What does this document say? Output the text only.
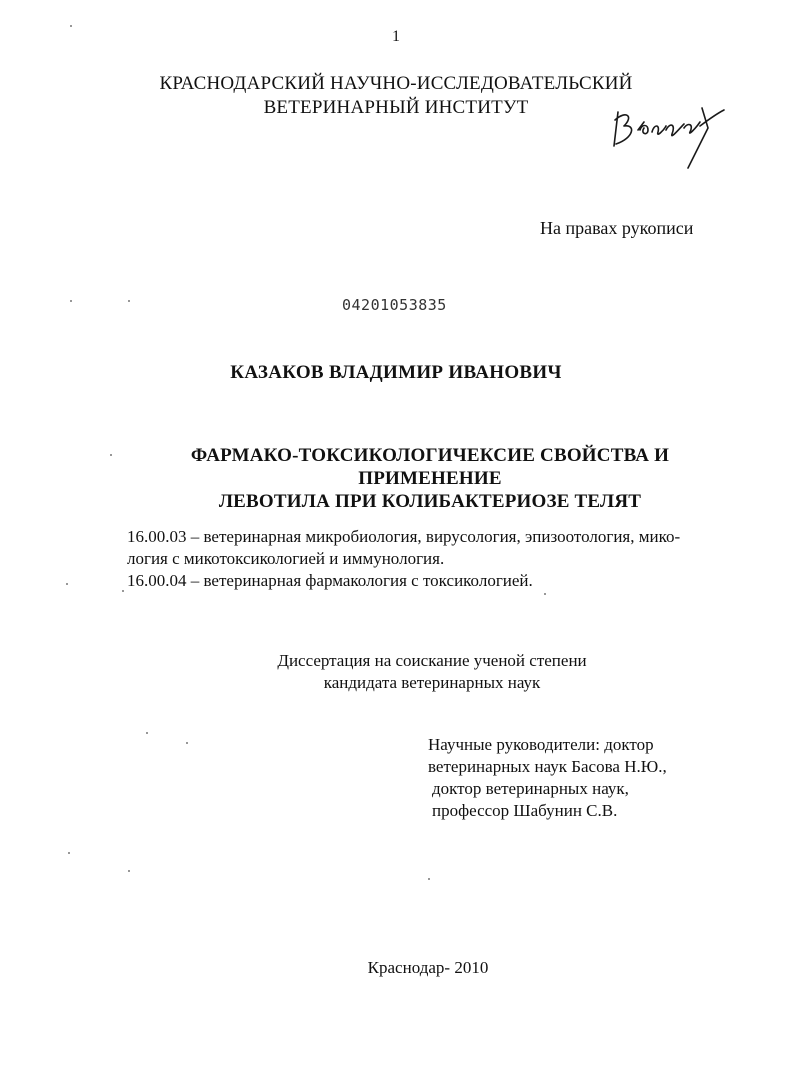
1
КРАСНОДАРСКИЙ НАУЧНО-ИССЛЕДОВАТЕЛЬСКИЙ
ВЕТЕРИНАРНЫЙ ИНСТИТУТ
На правах рукописи
04201053835
КАЗАКОВ ВЛАДИМИР ИВАНОВИЧ
ФАРМАКО-ТОКСИКОЛОГИЧЕКСИЕ СВОЙСТВА И ПРИМЕНЕНИЕ
ЛЕВОТИЛА ПРИ КОЛИБАКТЕРИОЗЕ ТЕЛЯТ
16.00.03 – ветеринарная микробиология, вирусология, эпизоотология, мико-
логия с микотоксикологией и иммунология.
16.00.04 – ветеринарная фармакология с токсикологией.
Диссертация на соискание ученой степени
кандидата ветеринарных наук
Научные руководители: доктор
ветеринарных наук Басова Н.Ю.,
доктор ветеринарных наук,
профессор Шабунин С.В.
Краснодар- 2010
